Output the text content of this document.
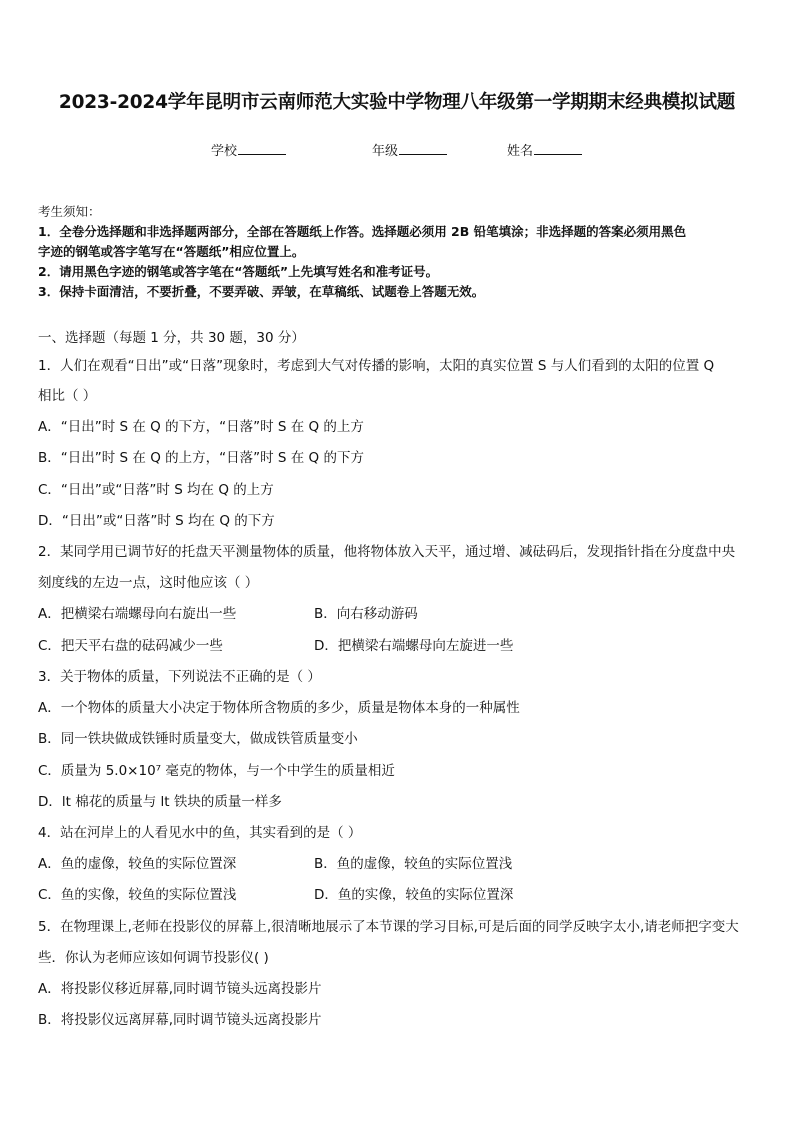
2023-2024学年昆明市云南师范大实验中学物理八年级第一学期期末经典模拟试题
学校	年级	姓名
考生须知：
1．全卷分选择题和非选择题两部分，全部在答题纸上作答。选择题必须用 2B 铅笔填涂；非选择题的答案必须用黑色
字迹的钢笔或答字笔写在“答题纸”相应位置上。
2．请用黑色字迹的钢笔或答字笔在“答题纸”上先填写姓名和准考证号。
3．保持卡面清洁，不要折叠，不要弄破、弄皱，在草稿纸、试题卷上答题无效。
一、选择题（每题 1 分，共 30 题，30 分）
1．人们在观看“日出”或“日落”现象时，考虑到大气对传播的影响，太阳的真实位置 S 与人们看到的太阳的位置 Q
相比（ ）
A．“日出”时 S 在 Q 的下方，“日落”时 S 在 Q 的上方
B．“日出”时 S 在 Q 的上方，“日落”时 S 在 Q 的下方
C．“日出”或“日落”时 S 均在 Q 的上方
D．“日出”或“日落”时 S 均在 Q 的下方
2．某同学用已调节好的托盘天平测量物体的质量，他将物体放入天平，通过增、减砝码后，发现指针指在分度盘中央
刻度线的左边一点，这时他应该（ ）
A．把横梁右端螺母向右旋出一些	B．向右移动游码
C．把天平右盘的砝码减少一些	D．把横梁右端螺母向左旋进一些
3．关于物体的质量，下列说法不正确的是（ ）
A．一个物体的质量大小决定于物体所含物质的多少，质量是物体本身的一种属性
B．同一铁块做成铁锤时质量变大，做成铁管质量变小
C．质量为 5.0×10⁷ 毫克的物体，与一个中学生的质量相近
D．lt 棉花的质量与 lt 铁块的质量一样多
4．站在河岸上的人看见水中的鱼，其实看到的是（ ）
A．鱼的虚像，较鱼的实际位置深	B．鱼的虚像，较鱼的实际位置浅
C．鱼的实像，较鱼的实际位置浅	D．鱼的实像，较鱼的实际位置深
5．在物理课上,老师在投影仪的屏幕上,很清晰地展示了本节课的学习目标,可是后面的同学反映字太小,请老师把字变大
些．你认为老师应该如何调节投影仪( )
A．将投影仪移近屏幕,同时调节镜头远离投影片
B．将投影仪远离屏幕,同时调节镜头远离投影片
